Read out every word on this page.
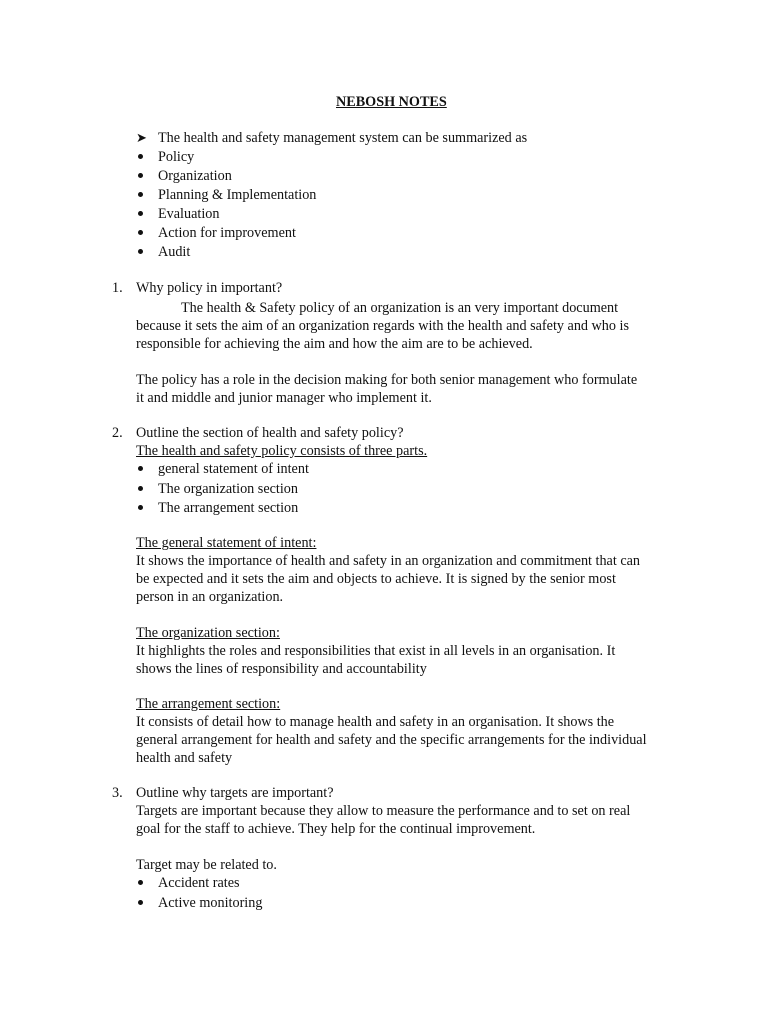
NEBOSH NOTES
➤ The health and safety management system can be summarized as
Policy
Organization
Planning & Implementation
Evaluation
Action for improvement
Audit
1. Why policy in important?
The health & Safety policy of an organization is an very important document
because it sets the aim of an organization regards with the health and safety and who is
responsible for achieving the aim and how the aim are to be achieved.
The policy has a role in the decision making for both senior management who formulate
it and middle and junior manager who implement it.
2. Outline the section of health and safety policy?
The health and safety policy consists of three parts.
general statement of intent
The organization section
The arrangement section
The general statement of intent:
It shows the importance of health and safety in an organization and commitment that can
be expected and it sets the aim and objects to achieve. It is signed by the senior most
person in an organization.
The organization section:
It highlights the roles and responsibilities that exist in all levels in an organisation. It
shows the lines of responsibility and accountability
The arrangement section:
It consists of detail how to manage health and safety in an organisation. It shows the
general arrangement for health and safety and the specific arrangements for the individual
health and safety
3. Outline why targets are important?
Targets are important because they allow to measure the performance and to set on real
goal for the staff to achieve. They help for the continual improvement.
Target may be related to.
Accident rates
Active monitoring
